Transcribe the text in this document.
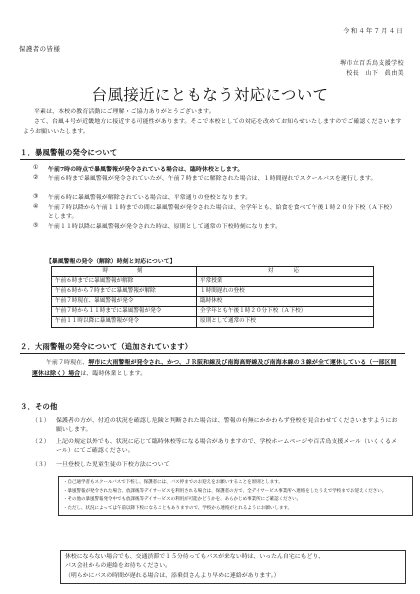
令和４年７月４日
保護者の皆様
堺市立百舌鳥支援学校
校長　山下　眞由美
台風接近にともなう対応について
平素は、本校の教育活動にご理解・ご協力ありがとうございます。
さて、台風４号が近畿地方に接近する可能性があります。そこで本校としての対応を改めてお知らせいたしますのでご確認くださいますようお願いいたします。
１．暴風警報の発令について
① 午前7時の時点で暴風警報が発令されている場合は、臨時休校とします。
② 午前６時まで暴風警報が発令されていたが、午前７時までに解除された場合は、１時間遅れでスクールバスを運行します。
③ 午前６時に暴風警報が解除されている場合は、平常通りの登校となります。
④ 午前７時以降から午前１１時までの間に暴風警報が発令された場合は、全学年とも、給食を食べて午後１時２０分下校（Ａ下校）とします。
⑤ 午前１１時以降に暴風警報が発令された時は、原則として通常の下校時刻になります。
【暴風警報の発令（解除）時刻と対応について】
時　　　刻	対　　応
午前６時までに暴風警報が解除	平常授業
午前６時から７時までに暴風警報が解除	１時間遅れの登校
午前７時現在、暴風警報が発令	臨時休校
午前７時から１１時までに暴風警報が発令	全学年とも午後１時２０分下校（Ａ下校）
午前１１時以降に暴風警報が発令	原則として通常の下校
２．大雨警報の発令について（追加されています）
午前７時現在、堺市に大雨警報が発令され、かつ、ＪＲ阪和線及び南海高野線及び南海本線の３線が全て運休している（一部区間運休は除く）場合は、臨時休業とします。
３．その他
（１） 保護者の方が、付近の状況を確認し危険と判断された場合は、警報の有無にかかわらず登校を見合わせてくださいますようにお願いします。
（２） 上記の規定以外でも、状況に応じて臨時休校等になる場合がありますので、学校ホームページや百舌鳥支援メール（いくくるメール）にてご確認ください。
（３） 一旦登校した児童生徒の下校方法について
・自己通学者もスクールバスで下校し、保護者には、バス停までのお迎えをお願いすることを原則とします。
・暴風警報が発令された場合、放課後等デイサービスを利用される場合は、保護者の方で、全デイサービス事業所へ連絡をしたうえで学校までお迎えください。
・その他の暴風警報発令中でも放課後等デイサービスの利用が可能かどうかを、あらかじめ事業所にご確認ください。
・ただし、状況によっては午前以降下校になることもありますので、学校から連絡がとれるようにお願いします。
休校にならない場合でも、交通渋滞で１５分待ってもバスが来ない時は、いったん自宅にもどり、
バス会社からの連絡をお待ちください。
（明らかにバスの時間が遅れる場合は、添乗員さんより早めに連絡があります。）
